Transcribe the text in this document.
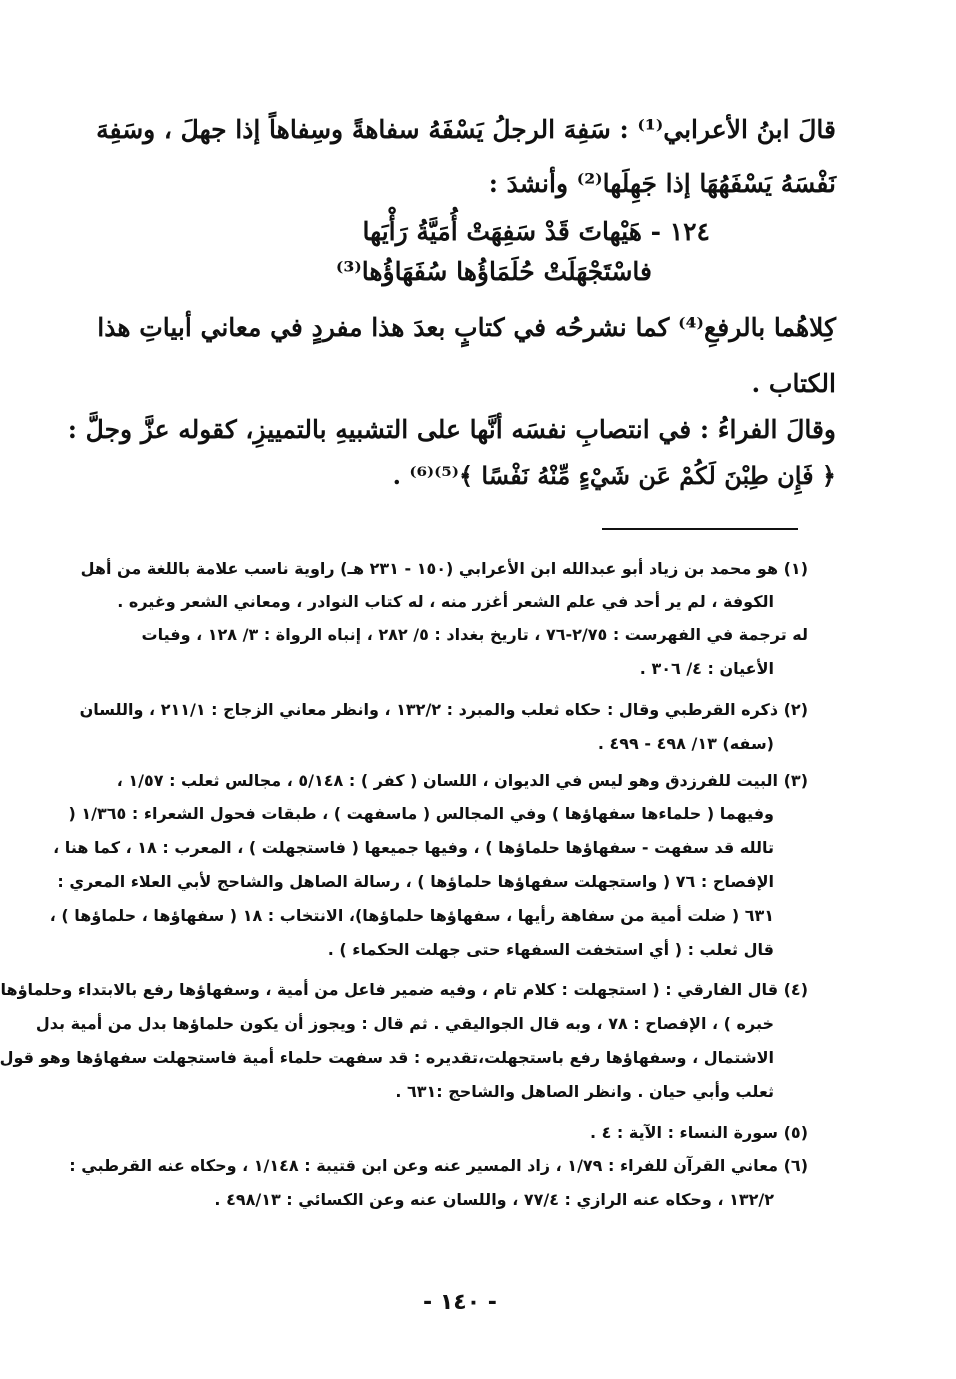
قالَ ابنُ الأعرابي⁽¹⁾ : سَفِهَ الرجلُ يَسْفَهُ سفاهةً وسِفاهاً إذا جهلَ ، وسَفِهَ
نَفْسَهُ يَسْفَهُهَا إذا جَهِلَها⁽²⁾ وأنشدَ :
١٢٤ - هَيْهاتَ قَدْ سَفِهَتْ أُمَيَّةُ رَأْيَها
فاسْتَجْهَلَتْ حُلَمَاؤُها سُفَهَاؤُها⁽³⁾
كِلاهُما بالرفعِ⁽⁴⁾ كما نشرحُه في كتابٍ بعدَ هذا مفردٍ في معاني أبياتِ هذا
الكتاب .
وقالَ الفراءُ : في انتصابِ نفسَه أنَّها على التشبيهِ بالتمييزِ، كقوله عزَّ وجلَّ :
﴿ فَإِن طِبْنَ لَكُمْ عَن شَيْءٍ مِّنْهُ نَفْسًا ﴾⁽⁵⁾⁽⁶⁾ .
(١) هو محمد بن زياد أبو عبدالله ابن الأعرابي (١٥٠ - ٢٣١ هـ) راوية ناسب علامة باللغة من أهل
الكوفة ، لم ير أحد في علم الشعر أغزر منه ، له كتاب النوادر ، ومعاني الشعر وغيره .
له ترجمة في الفهرست : ٢/٧٥-٧٦ ، تاريخ بغداد : ٥/ ٢٨٢ ، إنباه الرواة : ٣/ ١٢٨ ، وفيات
الأعيان : ٤/ ٣٠٦ .
(٢) ذكره القرطبي وقال : حكاه ثعلب والمبرد : ١٣٢/٢ ، وانظر معاني الزجاج : ٢١١/١ ، واللسان
(سفه) ١٣/ ٤٩٨ - ٤٩٩ .
(٣) البيت للفرزدق وهو ليس في الديوان ، اللسان ( كفر ) : ٥/١٤٨ ، مجالس ثعلب : ١/٥٧ ،
وفيهما ( حلماءها سفهاؤها ) وفي المجالس ( ماسفهت ) ، طبقات فحول الشعراء : ١/٣٦٥ (
تالله قد سفهت - سفهاؤها حلماؤها ) ، وفيها جميعها ( فاستجهلت ) ، المعرب : ١٨ ، كما هنا ،
الإفصاح : ٧٦ ( واستجهلت سفهاؤها حلماؤها ) ، رسالة الصاهل والشاحج لأبي العلاء المعري :
٦٣١ ( ضلت أمية من سفاهة رأيها ، سفهاؤها حلماؤها)، الانتخاب : ١٨ ( سفهاؤها ، حلماؤها ) ،
قال ثعلب : ( أي استخفت السفهاء حتى جهلت الحكماء ) .
(٤) قال الفارقي : ( استجهلت : كلام تام ، وفيه ضمير فاعل من أمية ، وسفهاؤها رفع بالابتداء وحلماؤها
خبره ) ، الإفصاح : ٧٨ ، وبه قال الجواليقي . ثم قال : ويجوز أن يكون حلماؤها بدل من أمية بدل
الاشتمال ، وسفهاؤها رفع باستجهلت،تقديره : قد سفهت حلماء أمية فاستجهلت سفهاؤها وهو قول
ثعلب وأبي حيان . وانظر الصاهل والشاحج :٦٣١ .
(٥) سورة النساء : الآية : ٤ .
(٦) معاني القرآن للفراء : ١/٧٩ ، زاد المسير عنه وعن ابن قتيبة : ١/١٤٨ ، وحكاه عنه القرطبي :
١٣٢/٢ ، وحكاه عنه الرازي : ٧٧/٤ ، واللسان عنه وعن الكسائي : ٤٩٨/١٣ .
- ١٤٠ -
